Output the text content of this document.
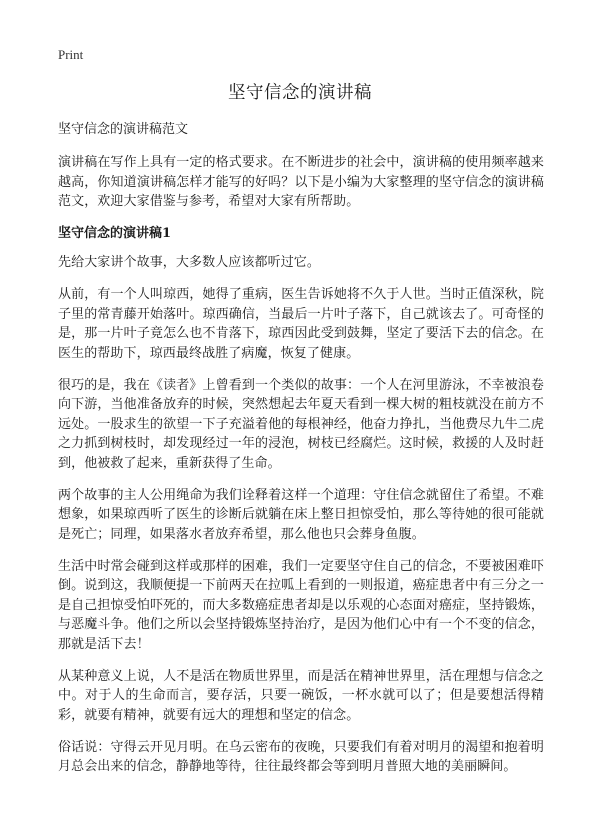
Print
坚守信念的演讲稿

坚守信念的演讲稿范文

演讲稿在写作上具有一定的格式要求。在不断进步的社会中，演讲稿的使用频率越来越高，你知道演讲稿怎样才能写的好吗？以下是小编为大家整理的坚守信念的演讲稿范文，欢迎大家借鉴与参考，希望对大家有所帮助。

坚守信念的演讲稿1

先给大家讲个故事，大多数人应该都听过它。

从前，有一个人叫琼西，她得了重病，医生告诉她将不久于人世。当时正值深秋，院子里的常青藤开始落叶。琼西确信，当最后一片叶子落下，自己就该去了。可奇怪的是，那一片叶子竟怎么也不肯落下，琼西因此受到鼓舞，坚定了要活下去的信念。在医生的帮助下，琼西最终战胜了病魔，恢复了健康。

很巧的是，我在《读者》上曾看到一个类似的故事：一个人在河里游泳，不幸被浪卷向下游，当他准备放弃的时候，突然想起去年夏天看到一棵大树的粗枝就没在前方不远处。一股求生的欲望一下子充溢着他的每根神经，他奋力挣扎，当他费尽九牛二虎之力抓到树枝时，却发现经过一年的浸泡，树枝已经腐烂。这时候，救援的人及时赶到，他被救了起来，重新获得了生命。

两个故事的主人公用绳命为我们诠释着这样一个道理：守住信念就留住了希望。不难想象，如果琼西听了医生的诊断后就躺在床上整日担惊受怕，那么等待她的很可能就是死亡；同理，如果落水者放弃希望，那么他也只会葬身鱼腹。

生活中时常会碰到这样或那样的困难，我们一定要坚守住自己的信念，不要被困难吓倒。说到这，我顺便提一下前两天在拉呱上看到的一则报道，癌症患者中有三分之一是自己担惊受怕吓死的，而大多数癌症患者却是以乐观的心态面对癌症，坚持锻炼，与恶魔斗争。他们之所以会坚持锻炼坚持治疗，是因为他们心中有一个不变的信念，那就是活下去！

从某种意义上说，人不是活在物质世界里，而是活在精神世界里，活在理想与信念之中。对于人的生命而言，要存活，只要一碗饭，一杯水就可以了；但是要想活得精彩，就要有精神，就要有远大的理想和坚定的信念。

俗话说：守得云开见月明。在乌云密布的夜晚，只要我们有着对明月的渴望和抱着明月总会出来的信念，静静地等待，往往最终都会等到明月普照大地的美丽瞬间。
